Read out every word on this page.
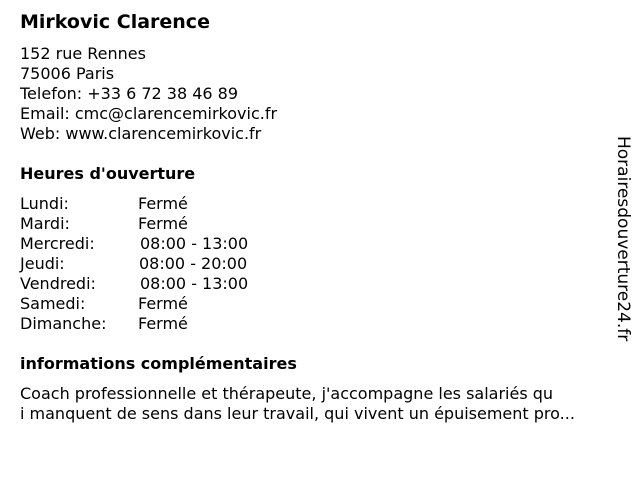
Mirkovic Clarence
152 rue Rennes
75006 Paris
Telefon: +33 6 72 38 46 89
Email: cmc@clarencemirkovic.fr
Web: www.clarencemirkovic.fr
Heures d'ouverture
Lundi:	Fermé
Mardi:	Fermé
Mercredi:	08:00 - 13:00
Jeudi:	08:00 - 20:00
Vendredi:	08:00 - 13:00
Samedi:	Fermé
Dimanche: Fermé
informations complémentaires
Coach professionnelle et thérapeute, j'accompagne les salariés qu
i manquent de sens dans leur travail, qui vivent un épuisement pro...
Horairesdouverture24.fr
